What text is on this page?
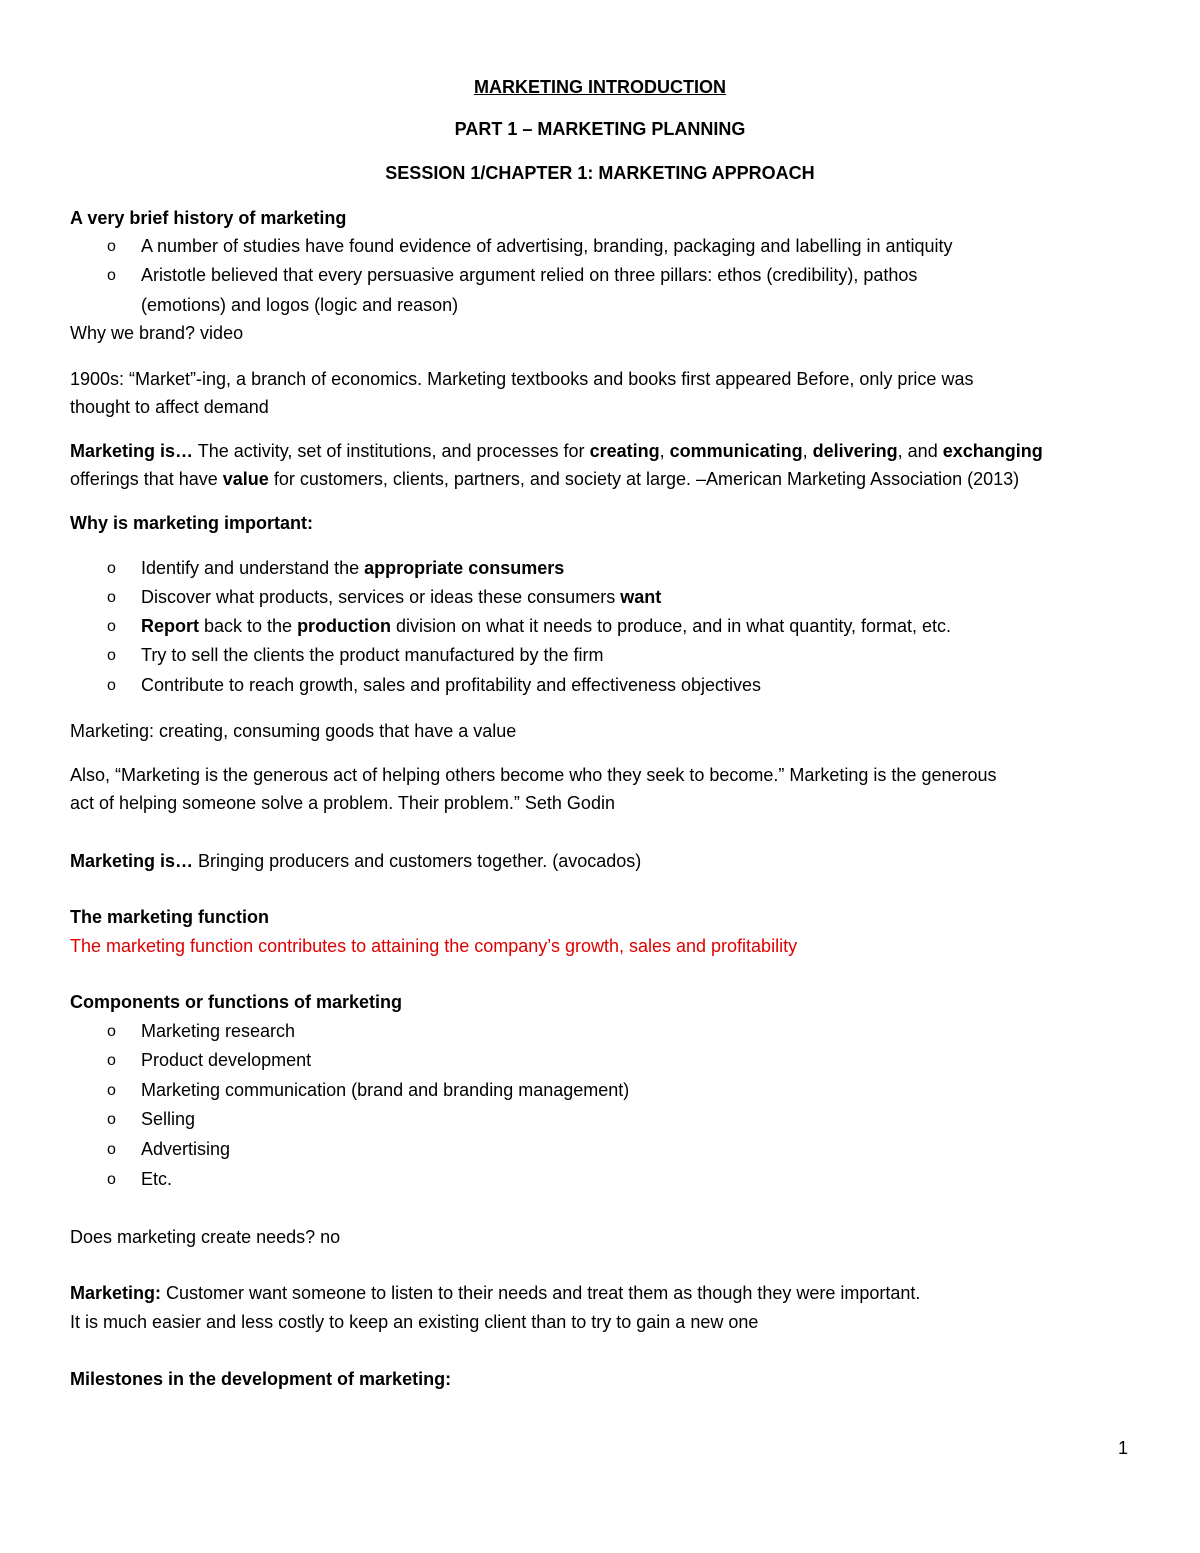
MARKETING INTRODUCTION
PART 1 – MARKETING PLANNING
SESSION 1/CHAPTER 1: MARKETING APPROACH
A very brief history of marketing
o A number of studies have found evidence of advertising, branding, packaging and labelling in antiquity
o Aristotle believed that every persuasive argument relied on three pillars: ethos (credibility), pathos
(emotions) and logos (logic and reason)
Why we brand? video
1900s: “Market”-ing, a branch of economics. Marketing textbooks and books first appeared Before, only price was
thought to affect demand
Marketing is… The activity, set of institutions, and processes for creating, communicating, delivering, and exchanging
offerings that have value for customers, clients, partners, and society at large. –American Marketing Association (2013)
Why is marketing important:
o Identify and understand the appropriate consumers
o Discover what products, services or ideas these consumers want
o Report back to the production division on what it needs to produce, and in what quantity, format, etc.
o Try to sell the clients the product manufactured by the firm
o Contribute to reach growth, sales and profitability and effectiveness objectives
Marketing: creating, consuming goods that have a value
Also, “Marketing is the generous act of helping others become who they seek to become.” Marketing is the generous
act of helping someone solve a problem. Their problem.” Seth Godin
Marketing is… Bringing producers and customers together. (avocados)
The marketing function
The marketing function contributes to attaining the company’s growth, sales and profitability
Components or functions of marketing
o Marketing research
o Product development
o Marketing communication (brand and branding management)
o Selling
o Advertising
o Etc.
Does marketing create needs? no
Marketing: Customer want someone to listen to their needs and treat them as though they were important.
It is much easier and less costly to keep an existing client than to try to gain a new one
Milestones in the development of marketing:
1
